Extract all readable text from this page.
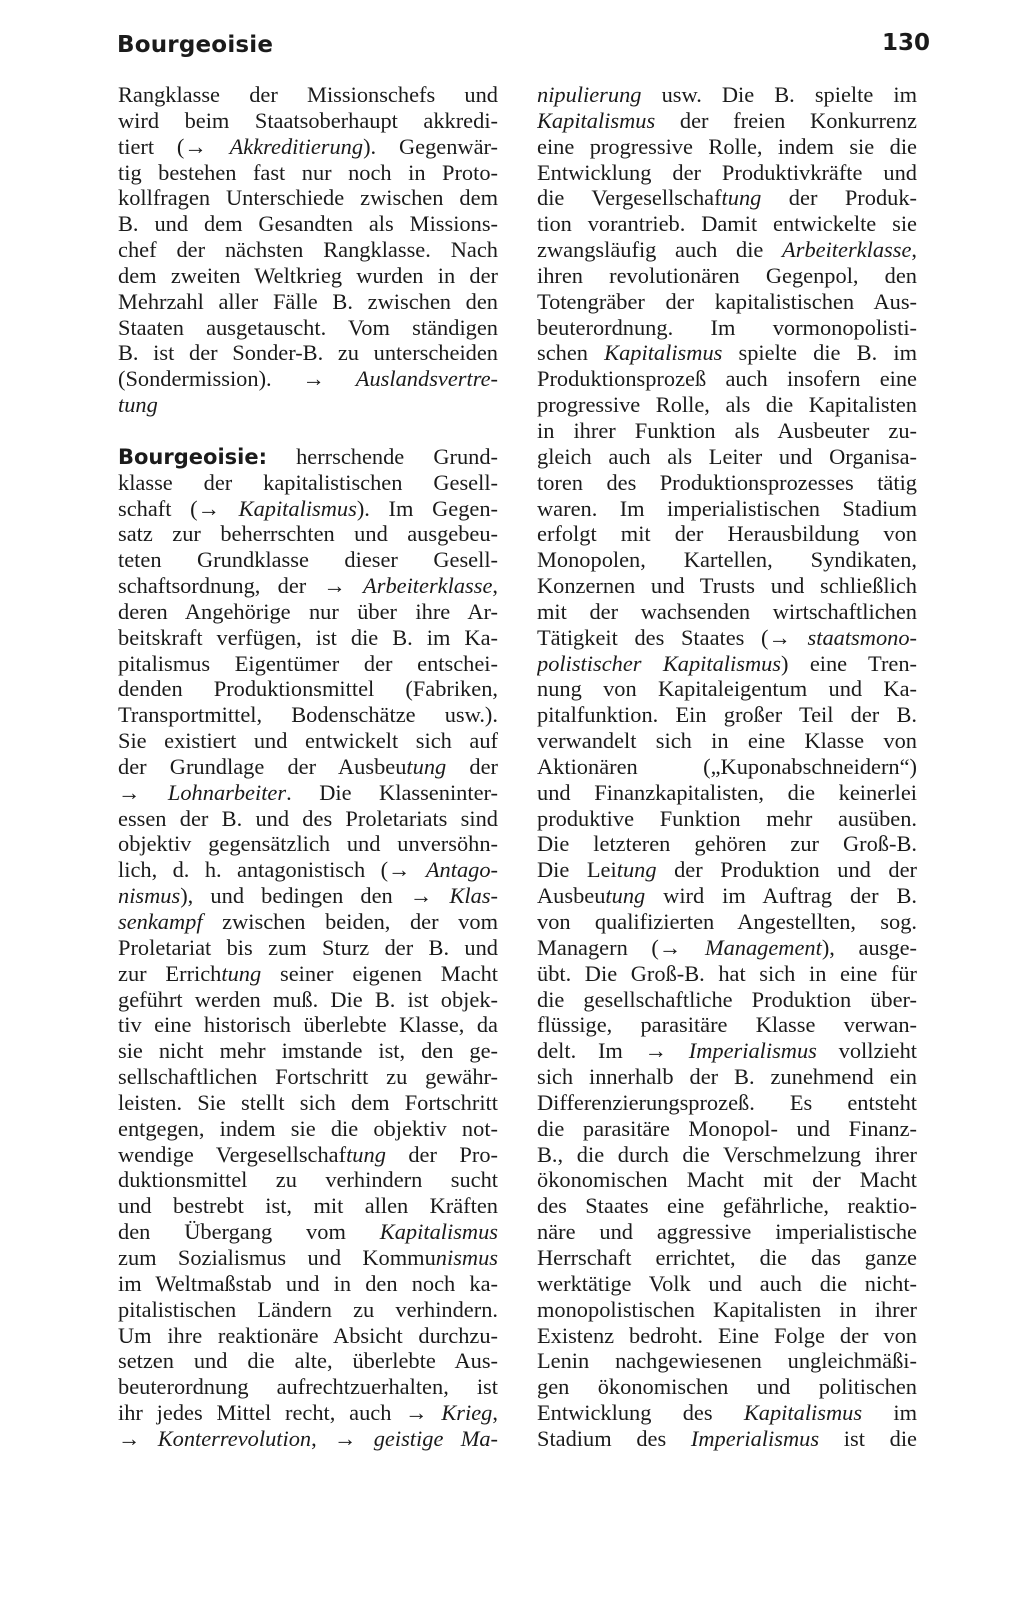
Bourgeoisie	130
Rangklasse der Missionschefs und
wird beim Staatsoberhaupt akkredi-
tiert (→ Akkreditierung). Gegenwär-
tig bestehen fast nur noch in Proto-
kollfragen Unterschiede zwischen dem
B. und dem Gesandten als Missions-
chef der nächsten Rangklasse. Nach
dem zweiten Weltkrieg wurden in der
Mehrzahl aller Fälle B. zwischen den
Staaten ausgetauscht. Vom ständigen
B. ist der Sonder-B. zu unterscheiden
(Sondermission). → Auslandsvertre-
tung

Bourgeoisie: herrschende Grund-
klasse der kapitalistischen Gesell-
schaft (→ Kapitalismus). Im Gegen-
satz zur beherrschten und ausgebeu-
teten Grundklasse dieser Gesell-
schaftsordnung, der → Arbeiterklasse,
deren Angehörige nur über ihre Ar-
beitskraft verfügen, ist die B. im Ka-
pitalismus Eigentümer der entschei-
denden Produktionsmittel (Fabriken,
Transportmittel, Bodenschätze usw.).
Sie existiert und entwickelt sich auf
der Grundlage der Ausbeutung der
→ Lohnarbeiter. Die Klasseninter-
essen der B. und des Proletariats sind
objektiv gegensätzlich und unversöhn-
lich, d. h. antagonistisch (→ Antago-
nismus), und bedingen den → Klas-
senkampf zwischen beiden, der vom
Proletariat bis zum Sturz der B. und
zur Errichtung seiner eigenen Macht
geführt werden muß. Die B. ist objek-
tiv eine historisch überlebte Klasse, da
sie nicht mehr imstande ist, den ge-
sellschaftlichen Fortschritt zu gewähr-
leisten. Sie stellt sich dem Fortschritt
entgegen, indem sie die objektiv not-
wendige Vergesellschaftung der Pro-
duktionsmittel zu verhindern sucht
und bestrebt ist, mit allen Kräften
den Übergang vom Kapitalismus
zum Sozialismus und Kommunismus
im Weltmaßstab und in den noch ka-
pitalistischen Ländern zu verhindern.
Um ihre reaktionäre Absicht durchzu-
setzen und die alte, überlebte Aus-
beuterordnung aufrechtzuerhalten, ist
ihr jedes Mittel recht, auch → Krieg,
→ Konterrevolution, → geistige Ma-
nipulierung usw. Die B. spielte im
Kapitalismus der freien Konkurrenz
eine progressive Rolle, indem sie die
Entwicklung der Produktivkräfte und
die Vergesellschaftung der Produk-
tion vorantrieb. Damit entwickelte sie
zwangsläufig auch die Arbeiterklasse,
ihren revolutionären Gegenpol, den
Totengräber der kapitalistischen Aus-
beuterordnung. Im vormonopolisti-
schen Kapitalismus spielte die B. im
Produktionsprozeß auch insofern eine
progressive Rolle, als die Kapitalisten
in ihrer Funktion als Ausbeuter zu-
gleich auch als Leiter und Organisa-
toren des Produktionsprozesses tätig
waren. Im imperialistischen Stadium
erfolgt mit der Herausbildung von
Monopolen, Kartellen, Syndikaten,
Konzernen und Trusts und schließlich
mit der wachsenden wirtschaftlichen
Tätigkeit des Staates (→ staatsmono-
polistischer Kapitalismus) eine Tren-
nung von Kapitaleigentum und Ka-
pitalfunktion. Ein großer Teil der B.
verwandelt sich in eine Klasse von
Aktionären („Kuponabschneidern“)
und Finanzkapitalisten, die keinerlei
produktive Funktion mehr ausüben.
Die letzteren gehören zur Groß-B.
Die Leitung der Produktion und der
Ausbeutung wird im Auftrag der B.
von qualifizierten Angestellten, sog.
Managern (→ Management), ausge-
übt. Die Groß-B. hat sich in eine für
die gesellschaftliche Produktion über-
flüssige, parasitäre Klasse verwan-
delt. Im → Imperialismus vollzieht
sich innerhalb der B. zunehmend ein
Differenzierungsprozeß. Es entsteht
die parasitäre Monopol- und Finanz-
B., die durch die Verschmelzung ihrer
ökonomischen Macht mit der Macht
des Staates eine gefährliche, reaktio-
näre und aggressive imperialistische
Herrschaft errichtet, die das ganze
werktätige Volk und auch die nicht-
monopolistischen Kapitalisten in ihrer
Existenz bedroht. Eine Folge der von
Lenin nachgewiesenen ungleichmäßi-
gen ökonomischen und politischen
Entwicklung des Kapitalismus im
Stadium des Imperialismus ist die
